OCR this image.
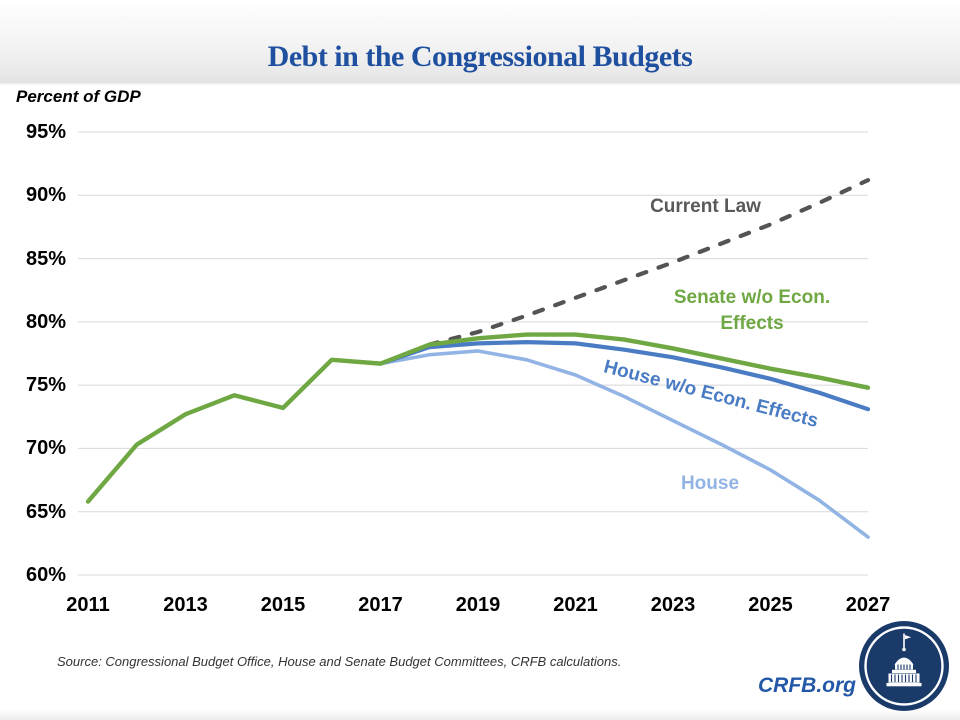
Debt in the Congressional Budgets
Percent of GDP
95%
90%
85%
80%
75%
70%
65%
60%
2011	2013	2015	2017	2019	2021	2023	2025	2027
Current Law
Senate w/o Econ. Effects
House w/o Econ. Effects
House
Source: Congressional Budget Office, House and Senate Budget Committees, CRFB calculations.
CRFB.org
